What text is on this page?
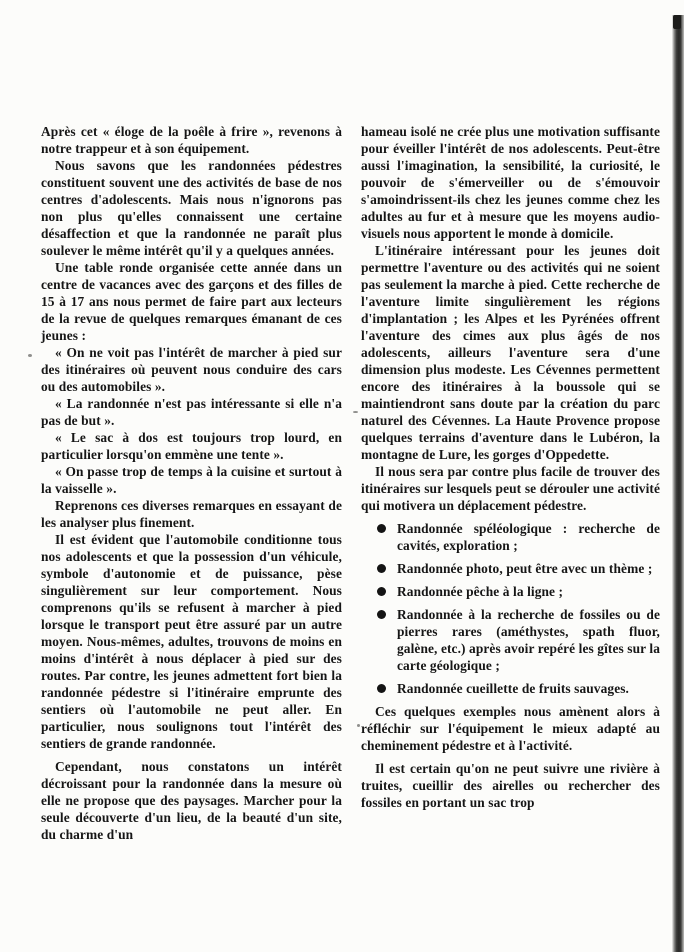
Après cet « éloge de la poêle à frire », revenons à notre trappeur et à son équipement.

Nous savons que les randonnées pédestres constituent souvent une des activités de base de nos centres d'adolescents. Mais nous n'ignorons pas non plus qu'elles connaissent une certaine désaffection et que la randonnée ne paraît plus soulever le même intérêt qu'il y a quelques années.

Une table ronde organisée cette année dans un centre de vacances avec des garçons et des filles de 15 à 17 ans nous permet de faire part aux lecteurs de la revue de quelques remarques émanant de ces jeunes :

« On ne voit pas l'intérêt de marcher à pied sur des itinéraires où peuvent nous conduire des cars ou des automobiles ».

« La randonnée n'est pas intéressante si elle n'a pas de but ».

« Le sac à dos est toujours trop lourd, en particulier lorsqu'on emmène une tente ».

« On passe trop de temps à la cuisine et surtout à la vaisselle ».

Reprenons ces diverses remarques en essayant de les analyser plus finement.

Il est évident que l'automobile conditionne tous nos adolescents et que la possession d'un véhicule, symbole d'autonomie et de puissance, pèse singulièrement sur leur comportement. Nous comprenons qu'ils se refusent à marcher à pied lorsque le transport peut être assuré par un autre moyen. Nous-mêmes, adultes, trouvons de moins en moins d'intérêt à nous déplacer à pied sur des routes. Par contre, les jeunes admettent fort bien la randonnée pédestre si l'itinéraire emprunte des sentiers où l'automobile ne peut aller. En particulier, nous soulignons tout l'intérêt des sentiers de grande randonnée.

Cependant, nous constatons un intérêt décroissant pour la randonnée dans la mesure où elle ne propose que des paysages. Marcher pour la seule découverte d'un lieu, de la beauté d'un site, du charme d'un

hameau isolé ne crée plus une motivation suffisante pour éveiller l'intérêt de nos adolescents. Peut-être aussi l'imagination, la sensibilité, la curiosité, le pouvoir de s'émerveiller ou de s'émouvoir s'amoindrissent-ils chez les jeunes comme chez les adultes au fur et à mesure que les moyens audio-visuels nous apportent le monde à domicile.

L'itinéraire intéressant pour les jeunes doit permettre l'aventure ou des activités qui ne soient pas seulement la marche à pied. Cette recherche de l'aventure limite singulièrement les régions d'implantation ; les Alpes et les Pyrénées offrent l'aventure des cimes aux plus âgés de nos adolescents, ailleurs l'aventure sera d'une dimension plus modeste. Les Cévennes permettent encore des itinéraires à la boussole qui se maintiendront sans doute par la création du parc naturel des Cévennes. La Haute Provence propose quelques terrains d'aventure dans le Lubéron, la montagne de Lure, les gorges d'Oppedette.

Il nous sera par contre plus facile de trouver des itinéraires sur lesquels peut se dérouler une activité qui motivera un déplacement pédestre.

Randonnée spéléologique : recherche de cavités, exploration ;
Randonnée photo, peut être avec un thème ;
Randonnée pêche à la ligne ;
Randonnée à la recherche de fossiles ou de pierres rares (améthystes, spath fluor, galène, etc.) après avoir repéré les gîtes sur la carte géologique ;
Randonnée cueillette de fruits sauvages.

Ces quelques exemples nous amènent alors à réfléchir sur l'équipement le mieux adapté au cheminement pédestre et à l'activité.

Il est certain qu'on ne peut suivre une rivière à truites, cueillir des airelles ou rechercher des fossiles en portant un sac trop
